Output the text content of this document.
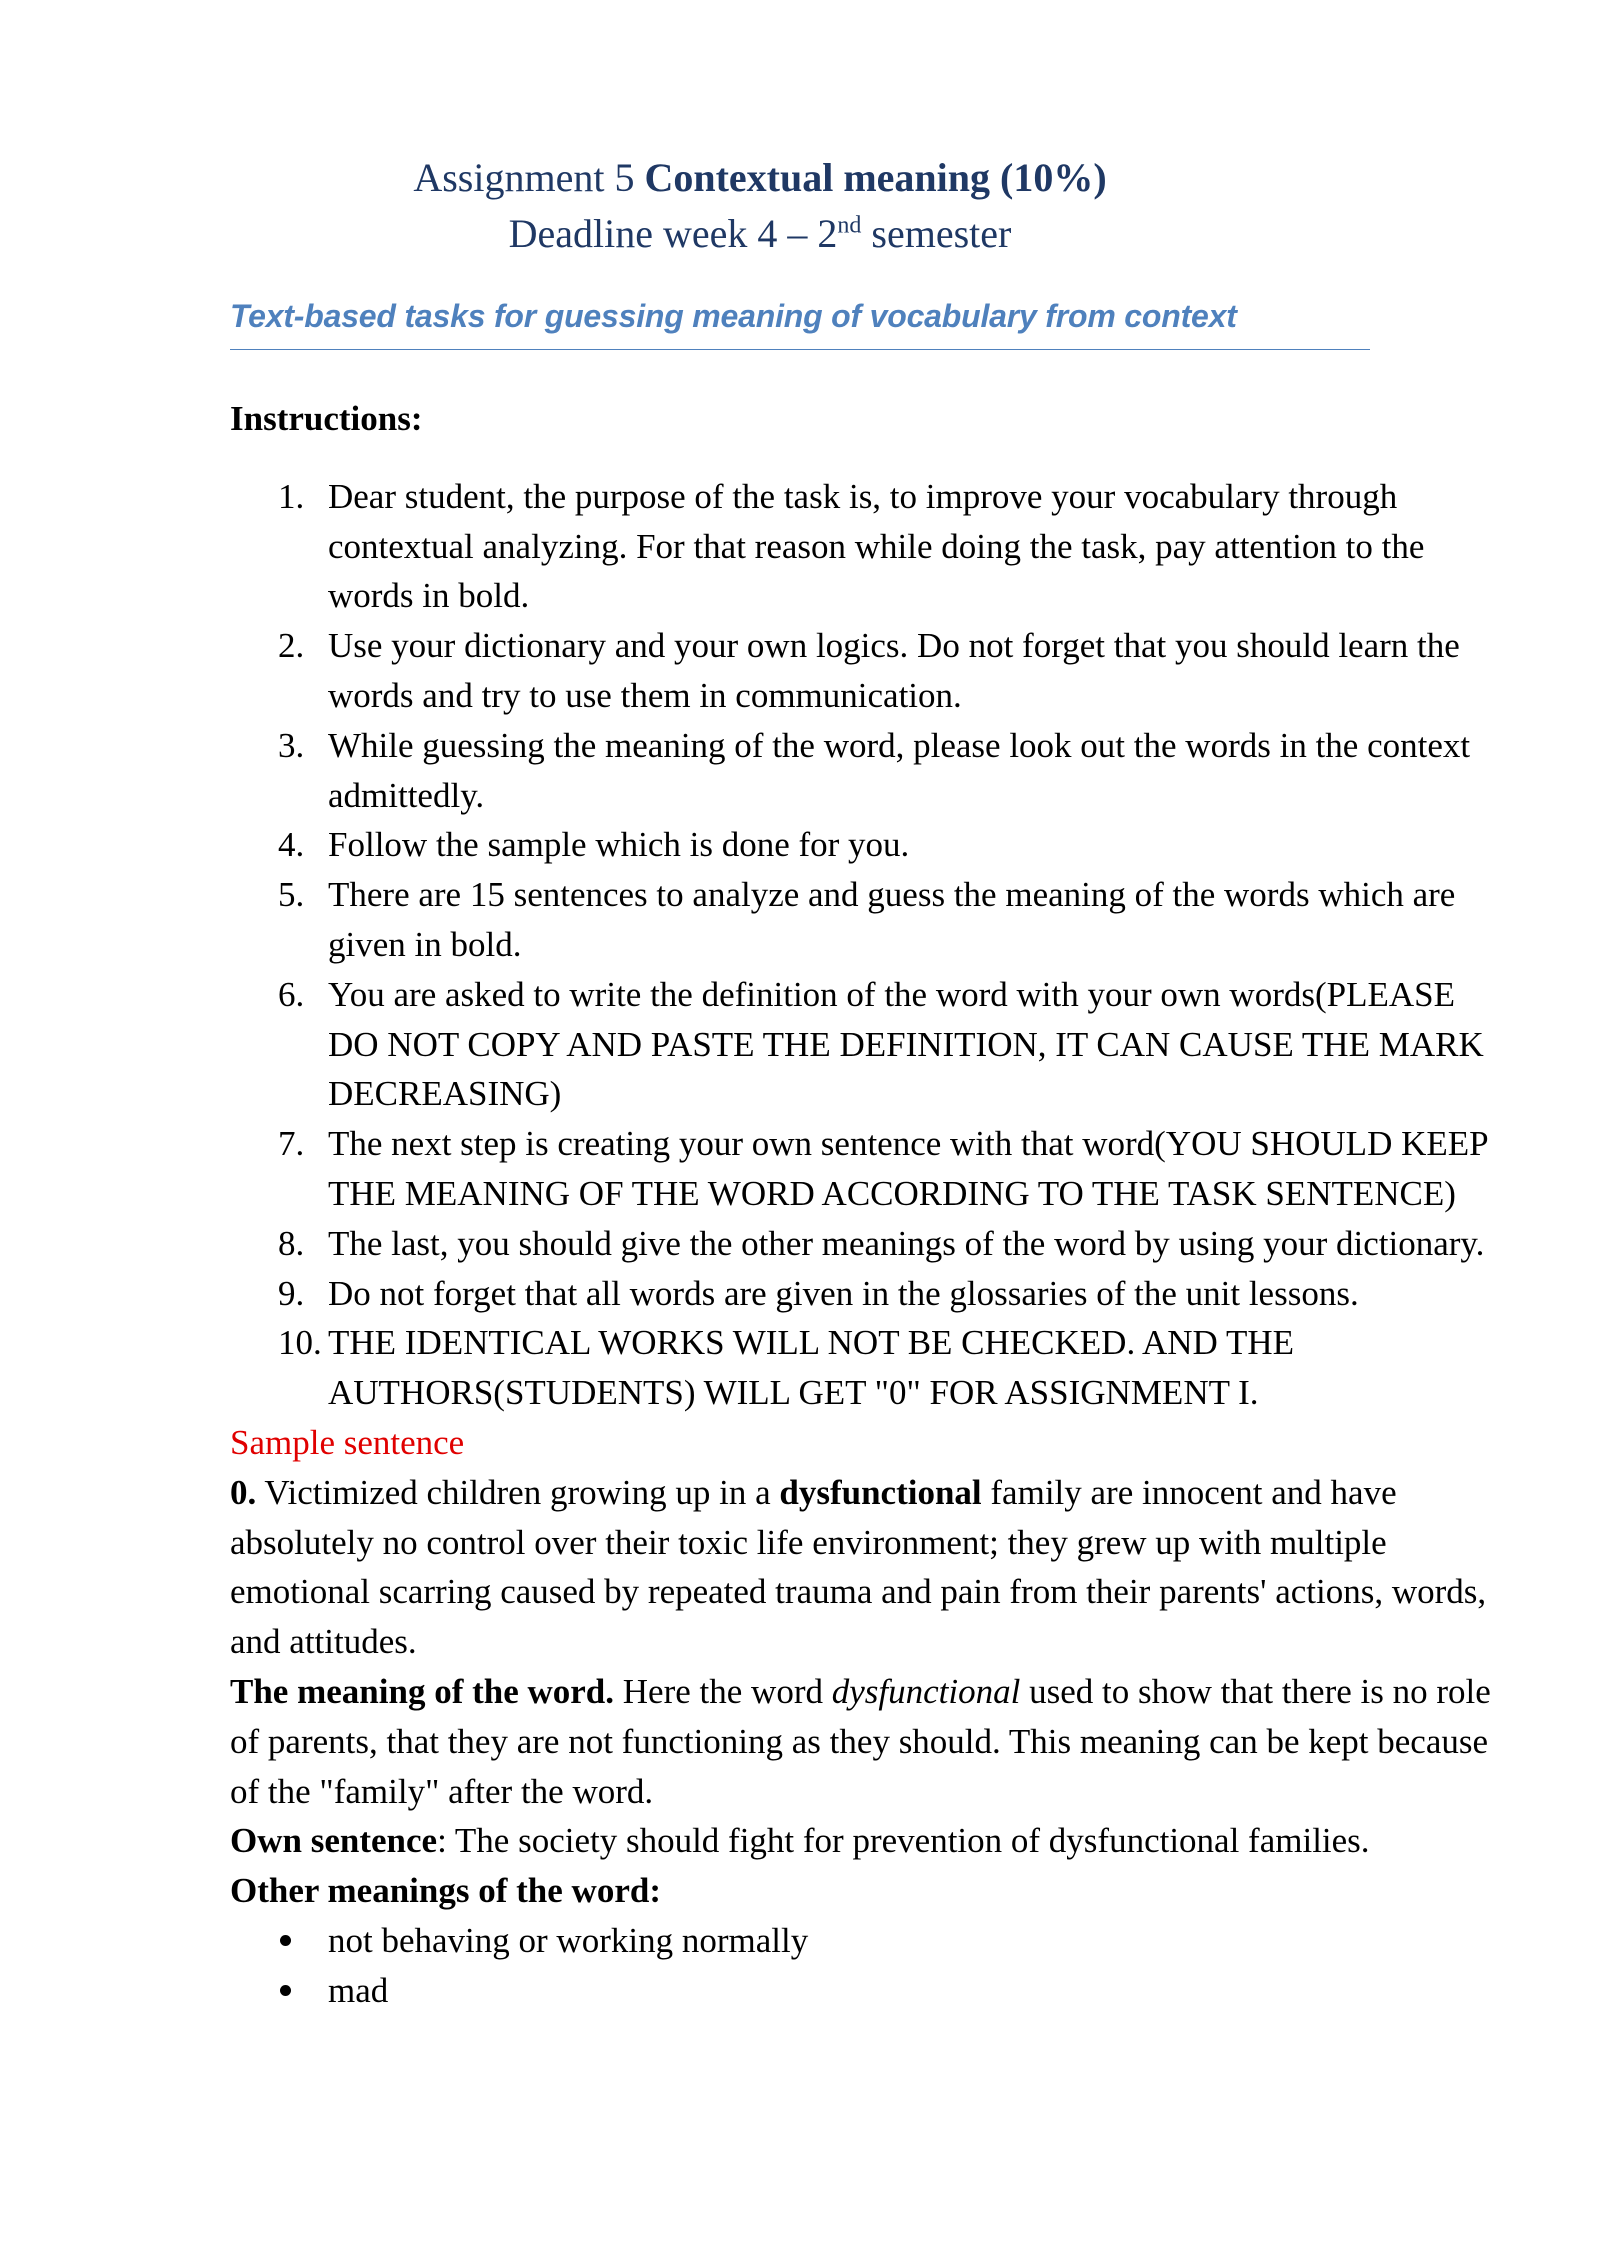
Assignment 5 Contextual meaning (10%)
Deadline week 4 – 2nd semester
Text-based tasks for guessing meaning of vocabulary from context
Instructions:
1. Dear student, the purpose of the task is, to improve your vocabulary through contextual analyzing. For that reason while doing the task, pay attention to the words in bold.
2. Use your dictionary and your own logics. Do not forget that you should learn the words and try to use them in communication.
3. While guessing the meaning of the word, please look out the words in the context admittedly.
4. Follow the sample which is done for you.
5. There are 15 sentences to analyze and guess the meaning of the words which are given in bold.
6. You are asked to write the definition of the word with your own words(PLEASE DO NOT COPY AND PASTE THE DEFINITION, IT CAN CAUSE THE MARK DECREASING)
7. The next step is creating your own sentence with that word(YOU SHOULD KEEP THE MEANING OF THE WORD ACCORDING TO THE TASK SENTENCE)
8. The last, you should give the other meanings of the word by using your dictionary.
9. Do not forget that all words are given in the glossaries of the unit lessons.
10. THE IDENTICAL WORKS WILL NOT BE CHECKED. AND THE AUTHORS(STUDENTS) WILL GET "0" FOR ASSIGNMENT I.
Sample sentence
0. Victimized children growing up in a dysfunctional family are innocent and have absolutely no control over their toxic life environment; they grew up with multiple emotional scarring caused by repeated trauma and pain from their parents' actions, words, and attitudes.
The meaning of the word. Here the word dysfunctional used to show that there is no role of parents, that they are not functioning as they should. This meaning can be kept because of the "family" after the word.
Own sentence: The society should fight for prevention of dysfunctional families.
Other meanings of the word:
not behaving or working normally
mad
